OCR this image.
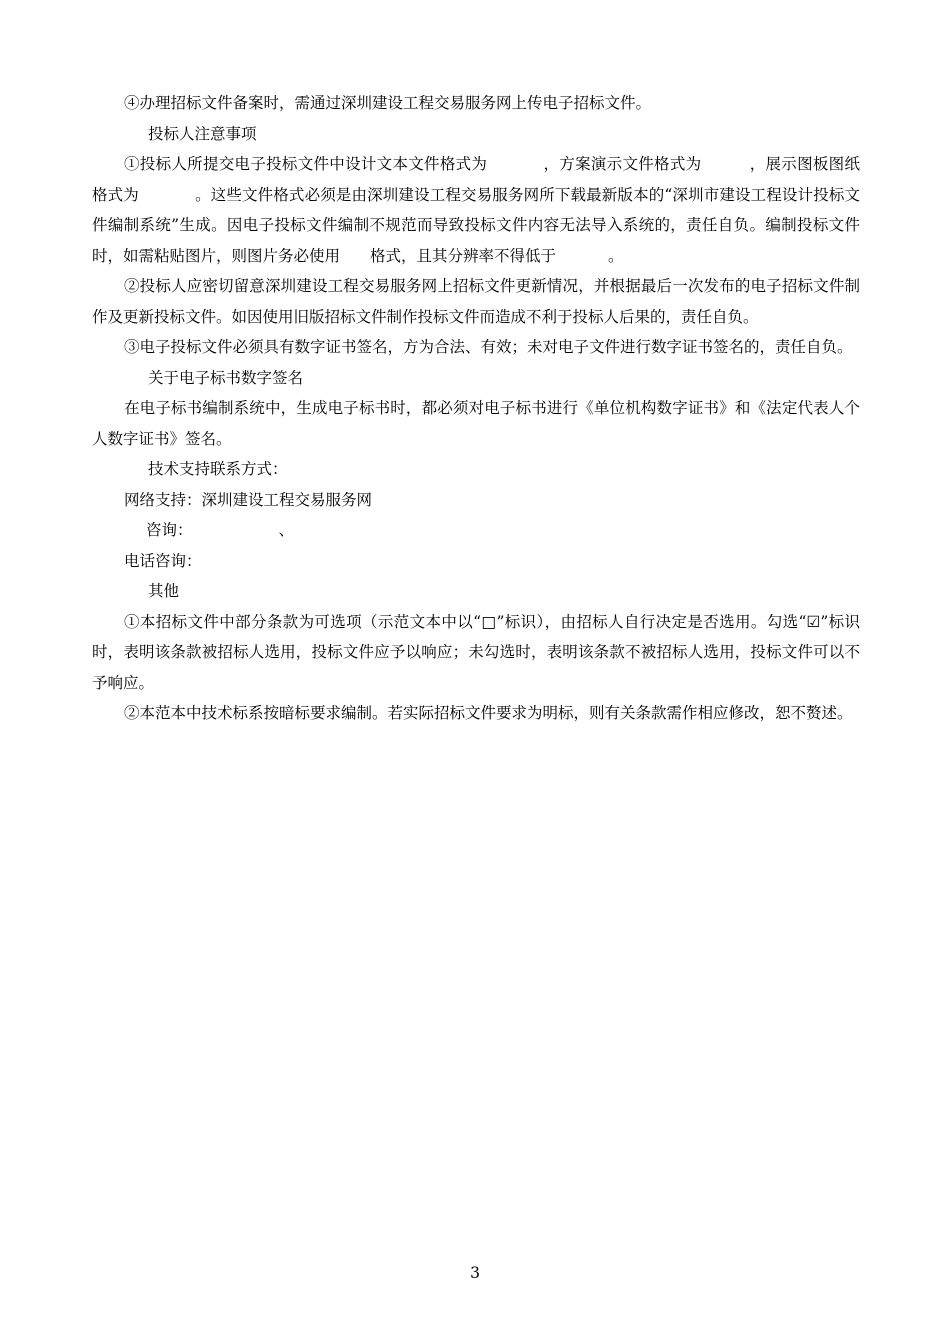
④办理招标文件备案时，需通过深圳建设工程交易服务网上传电子招标文件。

投标人注意事项

①投标人所提交电子投标文件中设计文本文件格式为	，方案演示文件格式为	，展示图板图纸格式为	。这些文件格式必须是由深圳建设工程交易服务网所下载最新版本的“深圳市建设工程设计投标文件编制系统”生成。因电子投标文件编制不规范而导致投标文件内容无法导入系统的，责任自负。编制投标文件时，如需粘贴图片，则图片务必使用 格式，且其分辨率不得低于	。

②投标人应密切留意深圳建设工程交易服务网上招标文件更新情况，并根据最后一次发布的电子招标文件制作及更新投标文件。如因使用旧版招标文件制作投标文件而造成不利于投标人后果的，责任自负。

③电子投标文件必须具有数字证书签名，方为合法、有效；未对电子文件进行数字证书签名的，责任自负。

关于电子标书数字签名

在电子标书编制系统中，生成电子标书时，都必须对电子标书进行《单位机构数字证书》和《法定代表人个人数字证书》签名。

技术支持联系方式：

网络支持：深圳建设工程交易服务网

咨询：	、

电话咨询：

其他

①本招标文件中部分条款为可选项（示范文本中以“□”标识），由招标人自行决定是否选用。勾选“☑”标识时，表明该条款被招标人选用，投标文件应予以响应；未勾选时，表明该条款不被招标人选用，投标文件可以不予响应。

②本范本中技术标系按暗标要求编制。若实际招标文件要求为明标，则有关条款需作相应修改，恕不赘述。

3
